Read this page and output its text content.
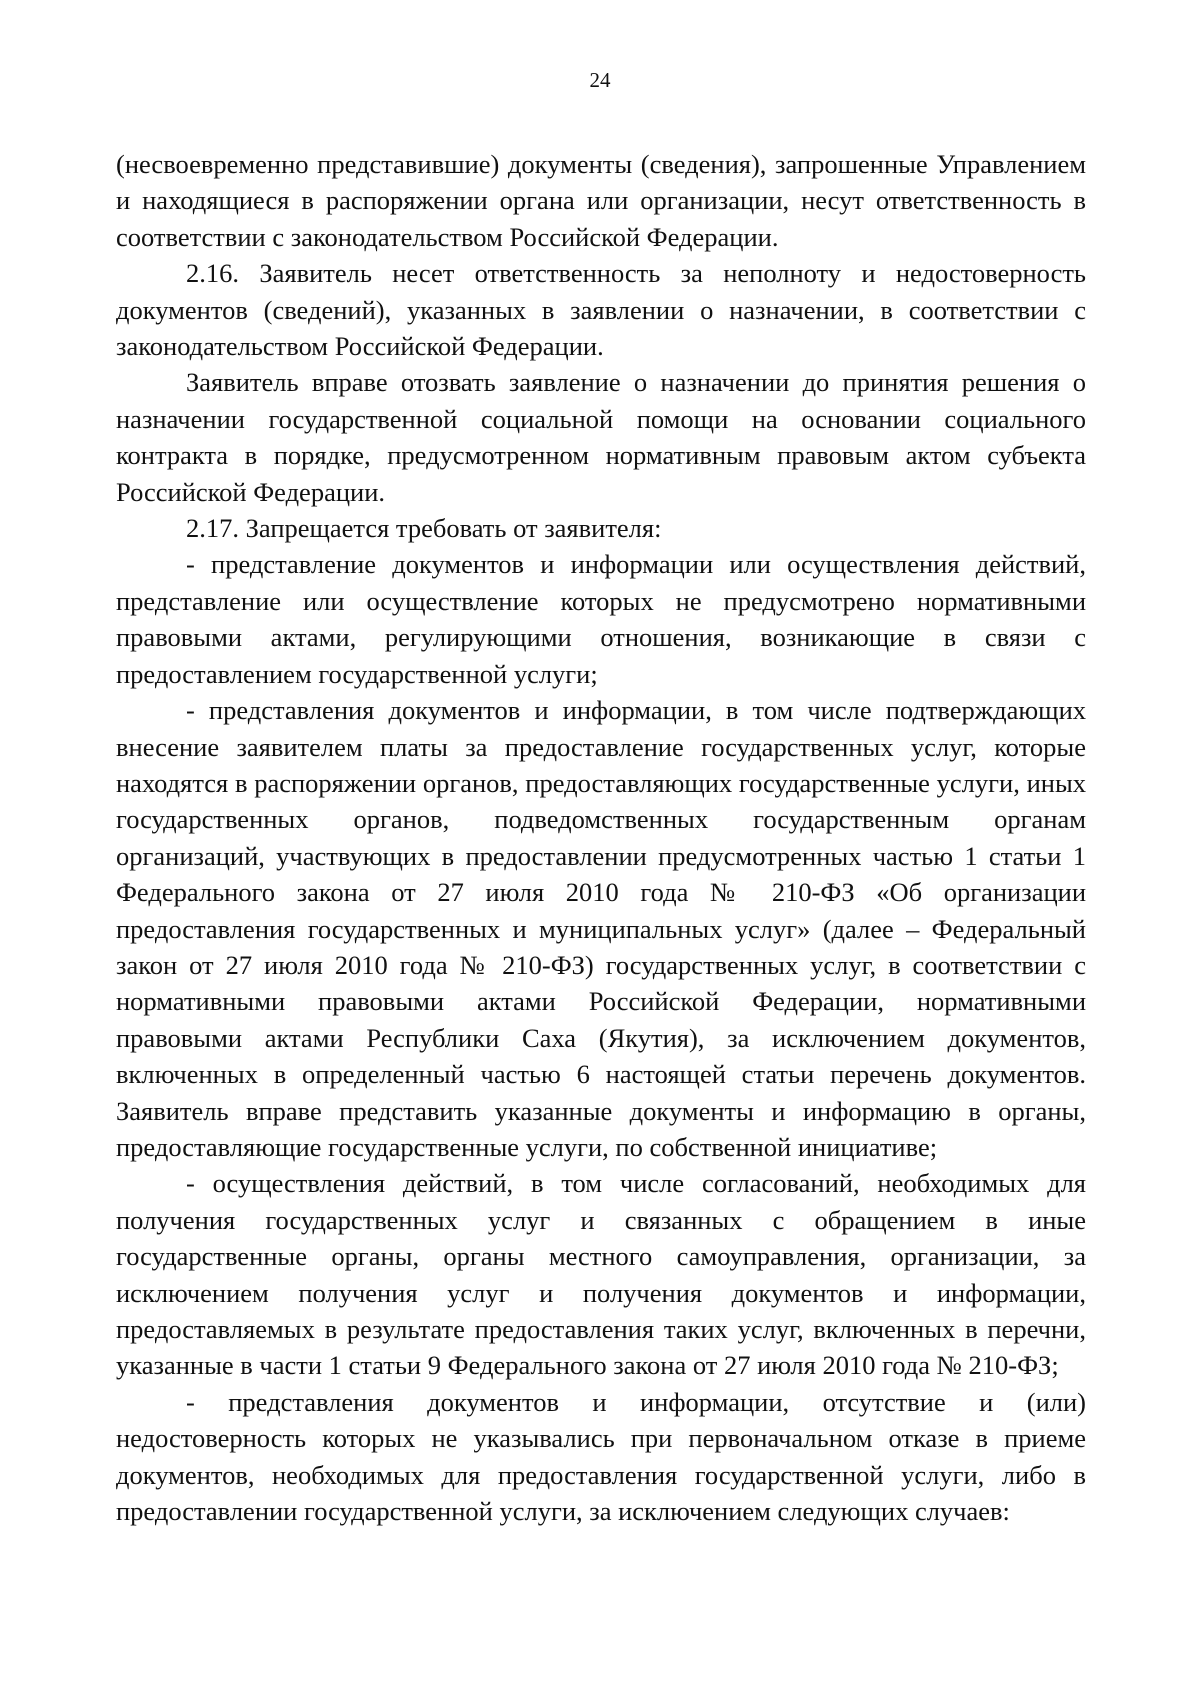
24

(несвоевременно представившие) документы (сведения), запрошенные Управлением и находящиеся в распоряжении органа или организации, несут ответственность в соответствии с законодательством Российской Федерации.

2.16. Заявитель несет ответственность за неполноту и недостоверность документов (сведений), указанных в заявлении о назначении, в соответствии с законодательством Российской Федерации.

Заявитель вправе отозвать заявление о назначении до принятия решения о назначении государственной социальной помощи на основании социального контракта в порядке, предусмотренном нормативным правовым актом субъекта Российской Федерации.

2.17. Запрещается требовать от заявителя:

- представление документов и информации или осуществления действий, представление или осуществление которых не предусмотрено нормативными правовыми актами, регулирующими отношения, возникающие в связи с предоставлением государственной услуги;

- представления документов и информации, в том числе подтверждающих внесение заявителем платы за предоставление государственных услуг, которые находятся в распоряжении органов, предоставляющих государственные услуги, иных государственных органов, подведомственных государственным органам организаций, участвующих в предоставлении предусмотренных частью 1 статьи 1 Федерального закона от 27 июля 2010 года № 210-ФЗ «Об организации предоставления государственных и муниципальных услуг» (далее – Федеральный закон от 27 июля 2010 года № 210-ФЗ) государственных услуг, в соответствии с нормативными правовыми актами Российской Федерации, нормативными правовыми актами Республики Саха (Якутия), за исключением документов, включенных в определенный частью 6 настоящей статьи перечень документов. Заявитель вправе представить указанные документы и информацию в органы, предоставляющие государственные услуги, по собственной инициативе;

- осуществления действий, в том числе согласований, необходимых для получения государственных услуг и связанных с обращением в иные государственные органы, органы местного самоуправления, организации, за исключением получения услуг и получения документов и информации, предоставляемых в результате предоставления таких услуг, включенных в перечни, указанные в части 1 статьи 9 Федерального закона от 27 июля 2010 года № 210-ФЗ;

- представления документов и информации, отсутствие и (или) недостоверность которых не указывались при первоначальном отказе в приеме документов, необходимых для предоставления государственной услуги, либо в предоставлении государственной услуги, за исключением следующих случаев:
